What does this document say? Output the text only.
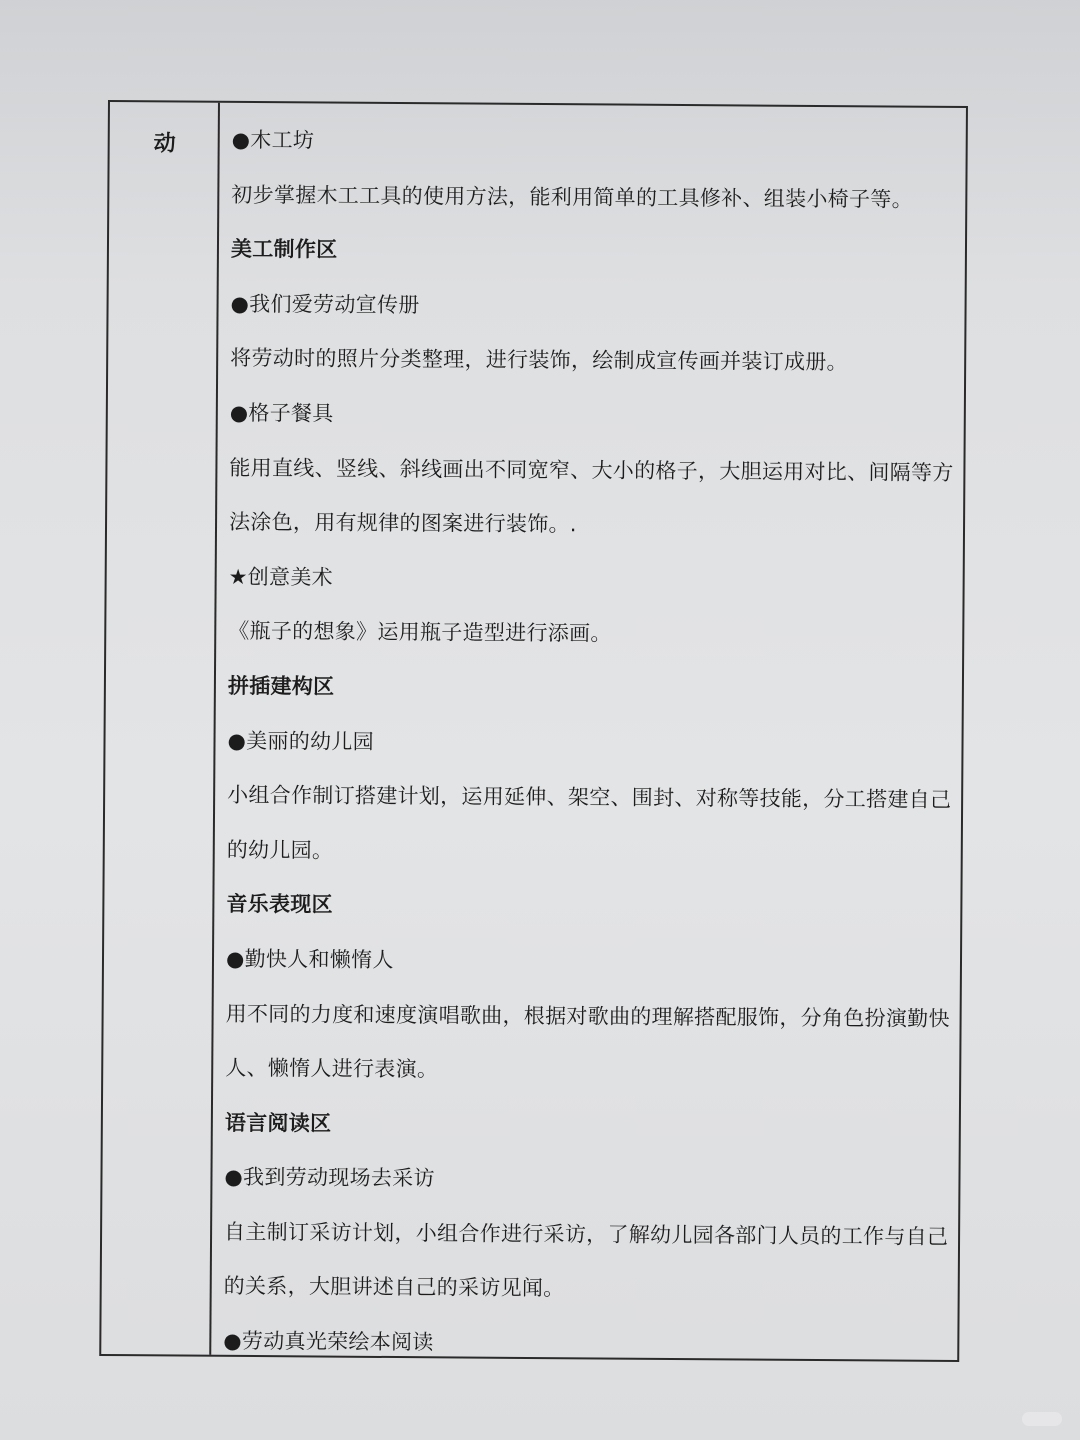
动	●木工坊
初步掌握木工工具的使用方法，能利用简单的工具修补、组装小椅子等。
美工制作区
●我们爱劳动宣传册
将劳动时的照片分类整理，进行装饰，绘制成宣传画并装订成册。
●格子餐具
能用直线、竖线、斜线画出不同宽窄、大小的格子，大胆运用对比、间隔等方
法涂色，用有规律的图案进行装饰。.
★创意美术
《瓶子的想象》运用瓶子造型进行添画。
拼插建构区
●美丽的幼儿园
小组合作制订搭建计划，运用延伸、架空、围封、对称等技能，分工搭建自己
的幼儿园。
音乐表现区
●勤快人和懒惰人
用不同的力度和速度演唱歌曲，根据对歌曲的理解搭配服饰，分角色扮演勤快
人、懒惰人进行表演。
语言阅读区
●我到劳动现场去采访
自主制订采访计划，小组合作进行采访，了解幼儿园各部门人员的工作与自己
的关系，大胆讲述自己的采访见闻。
●劳动真光荣绘本阅读
